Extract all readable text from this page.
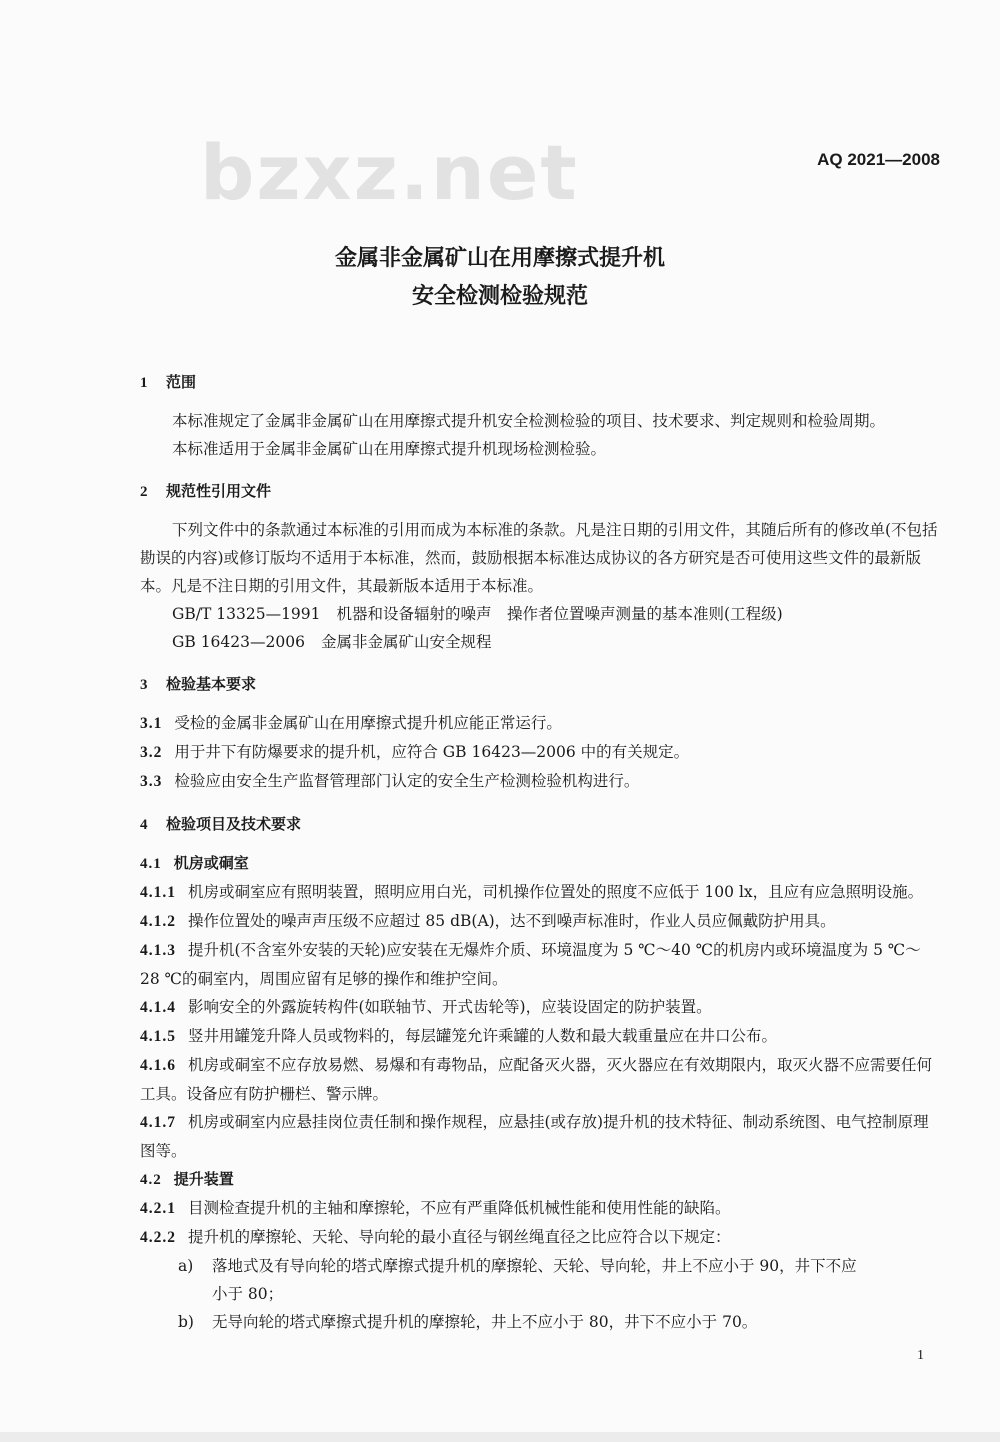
bzxz.net	AQ 2021—2008
金属非金属矿山在用摩擦式提升机
安全检测检验规范
1 范围

本标准规定了金属非金属矿山在用摩擦式提升机安全检测检验的项目、技术要求、判定规则和检验周期。

本标准适用于金属非金属矿山在用摩擦式提升机现场检测检验。

2 规范性引用文件

下列文件中的条款通过本标准的引用而成为本标准的条款。凡是注日期的引用文件，其随后所有的修改单(不包括勘误的内容)或修订版均不适用于本标准，然而，鼓励根据本标准达成协议的各方研究是否可使用这些文件的最新版本。凡是不注日期的引用文件，其最新版本适用于本标准。

GB/T 13325—1991 机器和设备辐射的噪声　操作者位置噪声测量的基本准则(工程级)

GB 16423—2006 金属非金属矿山安全规程

3 检验基本要求

3.1 受检的金属非金属矿山在用摩擦式提升机应能正常运行。

3.2 用于井下有防爆要求的提升机，应符合 GB 16423—2006 中的有关规定。

3.3 检验应由安全生产监督管理部门认定的安全生产检测检验机构进行。

4 检验项目及技术要求
4.1 机房或硐室

4.1.1 机房或硐室应有照明装置，照明应用白光，司机操作位置处的照度不应低于 100 lx，且应有应急照明设施。

4.1.2 操作位置处的噪声声压级不应超过 85 dB(A)，达不到噪声标准时，作业人员应佩戴防护用具。

4.1.3 提升机(不含室外安装的天轮)应安装在无爆炸介质、环境温度为 5 ℃～40 ℃的机房内或环境温度为 5 ℃～28 ℃的硐室内，周围应留有足够的操作和维护空间。

4.1.4 影响安全的外露旋转构件(如联轴节、开式齿轮等)，应装设固定的防护装置。

4.1.5 竖井用罐笼升降人员或物料的，每层罐笼允许乘罐的人数和最大载重量应在井口公布。

4.1.6 机房或硐室不应存放易燃、易爆和有毒物品，应配备灭火器，灭火器应在有效期限内，取灭火器不应需要任何工具。设备应有防护栅栏、警示牌。

4.1.7 机房或硐室内应悬挂岗位责任制和操作规程，应悬挂(或存放)提升机的技术特征、制动系统图、电气控制原理图等。

4.2 提升装置

4.2.1 目测检查提升机的主轴和摩擦轮，不应有严重降低机械性能和使用性能的缺陷。

4.2.2 提升机的摩擦轮、天轮、导向轮的最小直径与钢丝绳直径之比应符合以下规定：

a) 落地式及有导向轮的塔式摩擦式提升机的摩擦轮、天轮、导向轮，井上不应小于 90，井下不应
小于 80；
b) 无导向轮的塔式摩擦式提升机的摩擦轮，井上不应小于 80，井下不应小于 70。
1
